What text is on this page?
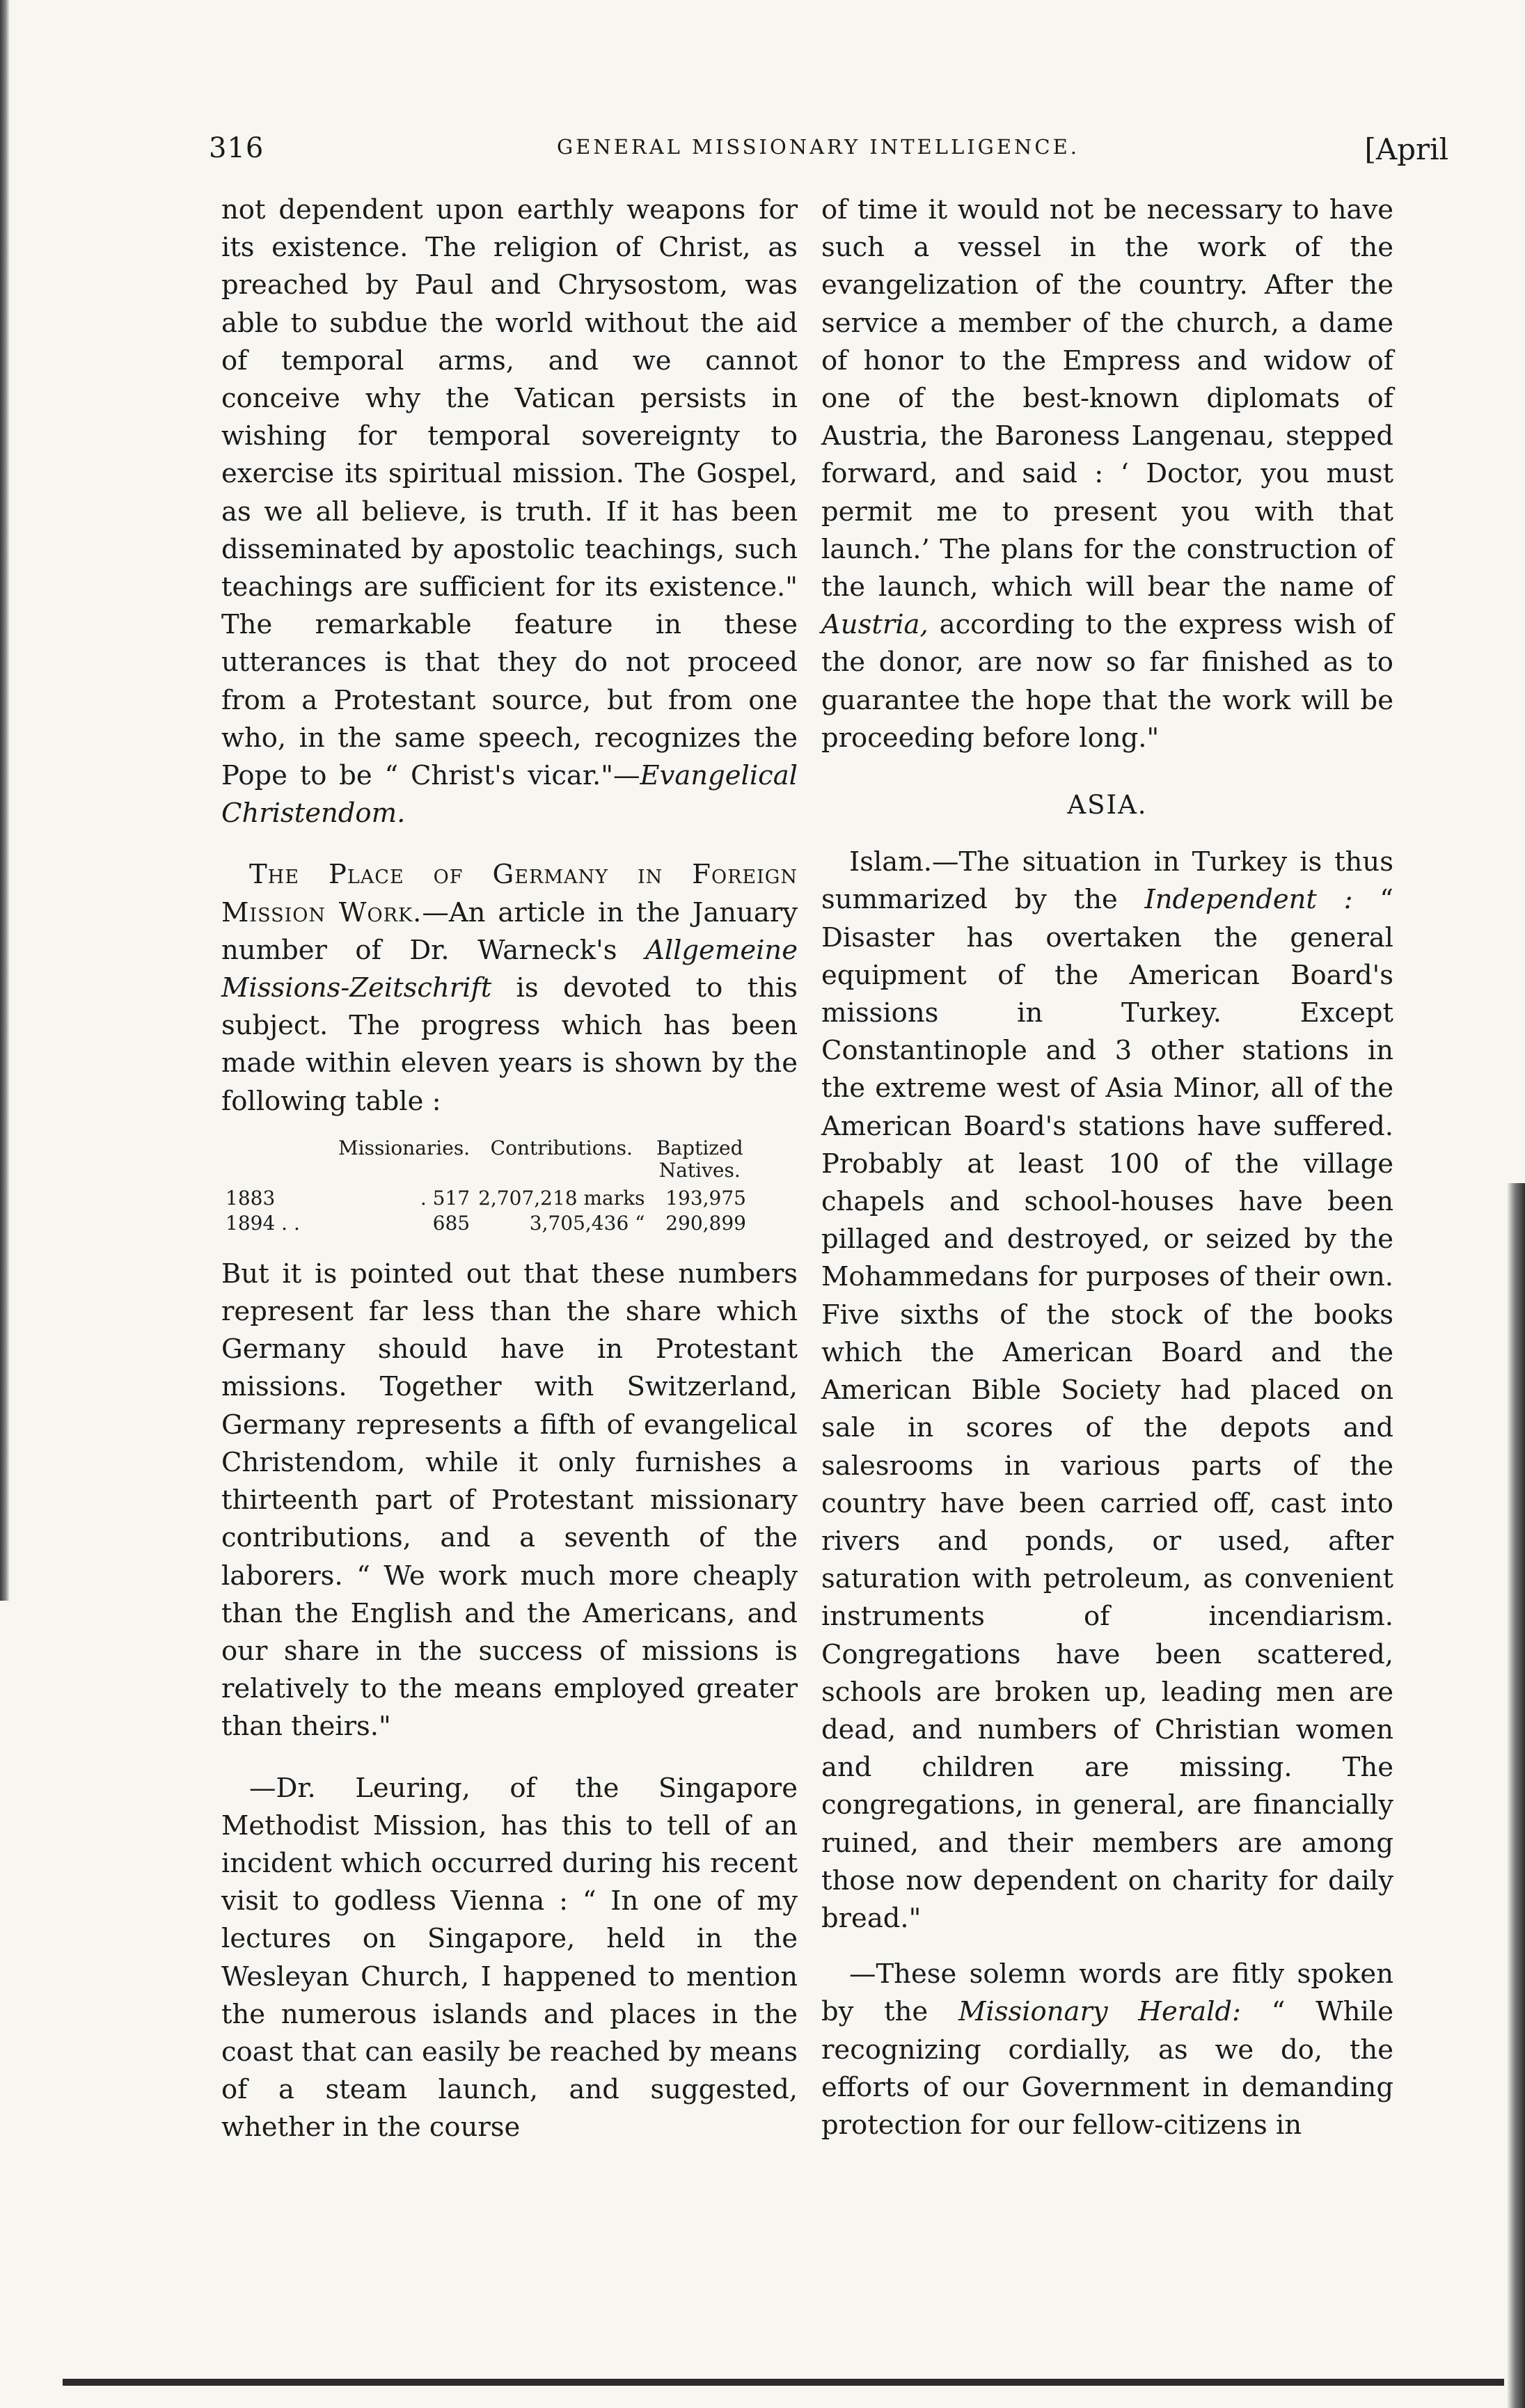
316	GENERAL MISSIONARY INTELLIGENCE.	[April

not dependent upon earthly weapons for its existence. The religion of Christ, as preached by Paul and Chrysostom, was able to subdue the world without the aid of temporal arms, and we cannot conceive why the Vatican persists in wishing for temporal sovereignty to exercise its spiritual mission. The Gospel, as we all believe, is truth. If it has been disseminated by apostolic teachings, such teachings are sufficient for its existence." The remarkable feature in these utterances is that they do not proceed from a Protestant source, but from one who, in the same speech, recognizes the Pope to be “ Christ's vicar."—Evangelical Christendom.

The Place of Germany in Foreign Mission Work.—An article in the January number of Dr. Warneck's Allgemeine Missions-Zeitschrift is devoted to this subject. The progress which has been made within eleven years is shown by the following table :

	Missionaries.	Contributions.	Baptized Natives.
1883	. 517	2,707,218 marks	193,975
1894 . .	685	3,705,436 “	290,899

But it is pointed out that these numbers represent far less than the share which Germany should have in Protestant missions. Together with Switzerland, Germany represents a fifth of evangelical Christendom, while it only furnishes a thirteenth part of Protestant missionary contributions, and a seventh of the laborers. “ We work much more cheaply than the English and the Americans, and our share in the success of missions is relatively to the means employed greater than theirs."

—Dr. Leuring, of the Singapore Methodist Mission, has this to tell of an incident which occurred during his recent visit to godless Vienna : “ In one of my lectures on Singapore, held in the Wesleyan Church, I happened to mention the numerous islands and places in the coast that can easily be reached by means of a steam launch, and suggested, whether in the course

of time it would not be necessary to have such a vessel in the work of the evangelization of the country. After the service a member of the church, a dame of honor to the Empress and widow of one of the best-known diplomats of Austria, the Baroness Langenau, stepped forward, and said : ‘ Doctor, you must permit me to present you with that launch.’ The plans for the construction of the launch, which will bear the name of Austria, according to the express wish of the donor, are now so far finished as to guarantee the hope that the work will be proceeding before long."

ASIA.

Islam.—The situation in Turkey is thus summarized by the Independent : “ Disaster has overtaken the general equipment of the American Board's missions in Turkey. Except Constantinople and 3 other stations in the extreme west of Asia Minor, all of the American Board's stations have suffered. Probably at least 100 of the village chapels and school-houses have been pillaged and destroyed, or seized by the Mohammedans for purposes of their own. Five sixths of the stock of the books which the American Board and the American Bible Society had placed on sale in scores of the depots and salesrooms in various parts of the country have been carried off, cast into rivers and ponds, or used, after saturation with petroleum, as convenient instruments of incendiarism. Congregations have been scattered, schools are broken up, leading men are dead, and numbers of Christian women and children are missing. The congregations, in general, are financially ruined, and their members are among those now dependent on charity for daily bread."

—These solemn words are fitly spoken by the Missionary Herald: “ While recognizing cordially, as we do, the efforts of our Government in demanding protection for our fellow-citizens in
